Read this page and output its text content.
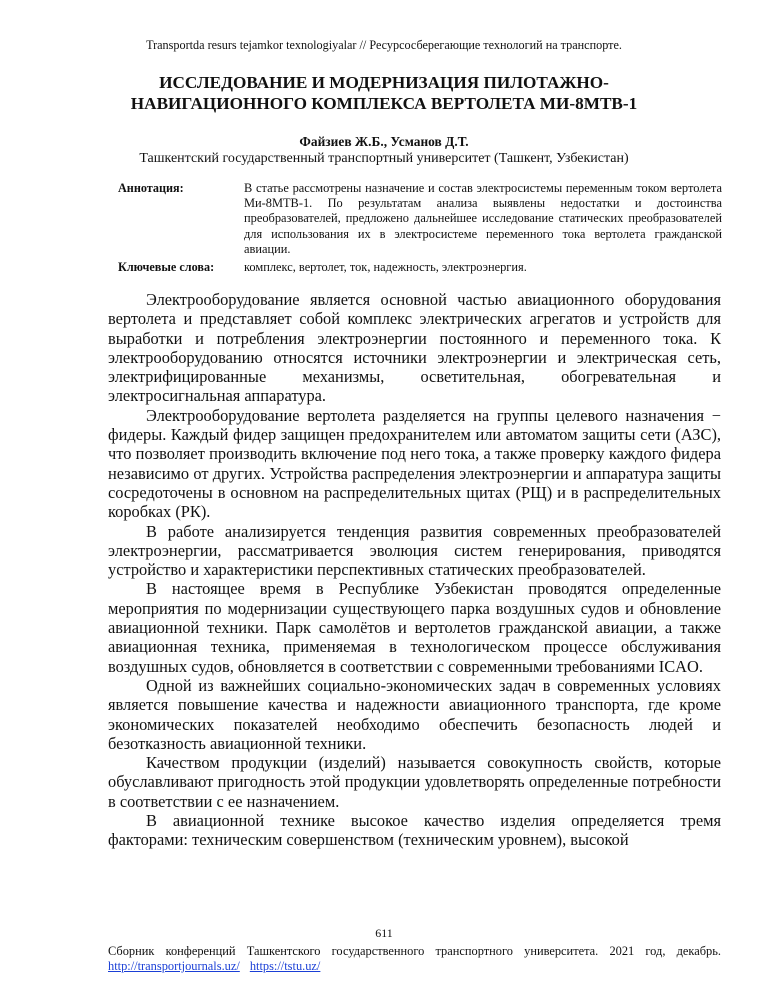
Transportda resurs tejamkor texnologiyalar // Ресурсосберегающие технологий на транспорте.
ИССЛЕДОВАНИЕ И МОДЕРНИЗАЦИЯ ПИЛОТАЖНО-
НАВИГАЦИОННОГО КОМПЛЕКСА ВЕРТОЛЕТА МИ-8МТВ-1
Файзиев Ж.Б., Усманов Д.Т.
Ташкентский государственный транспортный университет (Ташкент, Узбекистан)
Аннотация:	В статье рассмотрены назначение и состав электросистемы переменным током вертолета Ми-8МТВ-1. По результатам анализа выявлены недостатки и достоинства преобразователей, предложено дальнейшее исследование статических преобразователей для использования их в электросистеме переменного тока вертолета гражданской авиации.
Ключевые слова: комплекс, вертолет, ток, надежность, электроэнергия.

Электрооборудование является основной частью авиационного оборудования вертолета и представляет собой комплекс электрических агрегатов и устройств для выработки и потребления электроэнергии постоянного и переменного тока. К электрооборудованию относятся источники электроэнергии и электрическая сеть, электрифицированные механизмы, осветительная, обогревательная и электросигнальная аппаратура.

Электрооборудование вертолета разделяется на группы целевого назначения − фидеры. Каждый фидер защищен предохранителем или автоматом защиты сети (АЗС), что позволяет производить включение под него тока, а также проверку каждого фидера независимо от других. Устройства распределения электроэнергии и аппаратура защиты сосредоточены в основном на распределительных щитах (РЩ) и в распределительных коробках (РК).

В работе анализируется тенденция развития современных преобразователей электроэнергии, рассматривается эволюция систем генерирования, приводятся устройство и характеристики перспективных статических преобразователей.

В настоящее время в Республике Узбекистан проводятся определенные мероприятия по модернизации существующего парка воздушных судов и обновление авиационной техники. Парк самолётов и вертолетов гражданской авиации, а также авиационная техника, применяемая в технологическом процессе обслуживания воздушных судов, обновляется в соответствии с современными требованиями ICAO.

Одной из важнейших социально-экономических задач в современных условиях является повышение качества и надежности авиационного транспорта, где кроме экономических показателей необходимо обеспечить безопасность людей и безотказность авиационной техники.

Качеством продукции (изделий) называется совокупность свойств, которые обуславливают пригодность этой продукции удовлетворять определенные потребности в соответствии с ее назначением.

В авиационной технике высокое качество изделия определяется тремя факторами: техническим совершенством (техническим уровнем), высокой

611
Сборник конференций Ташкентского государственного транспортного университета. 2021 год, декабрь. http://transportjournals.uz/ https://tstu.uz/
